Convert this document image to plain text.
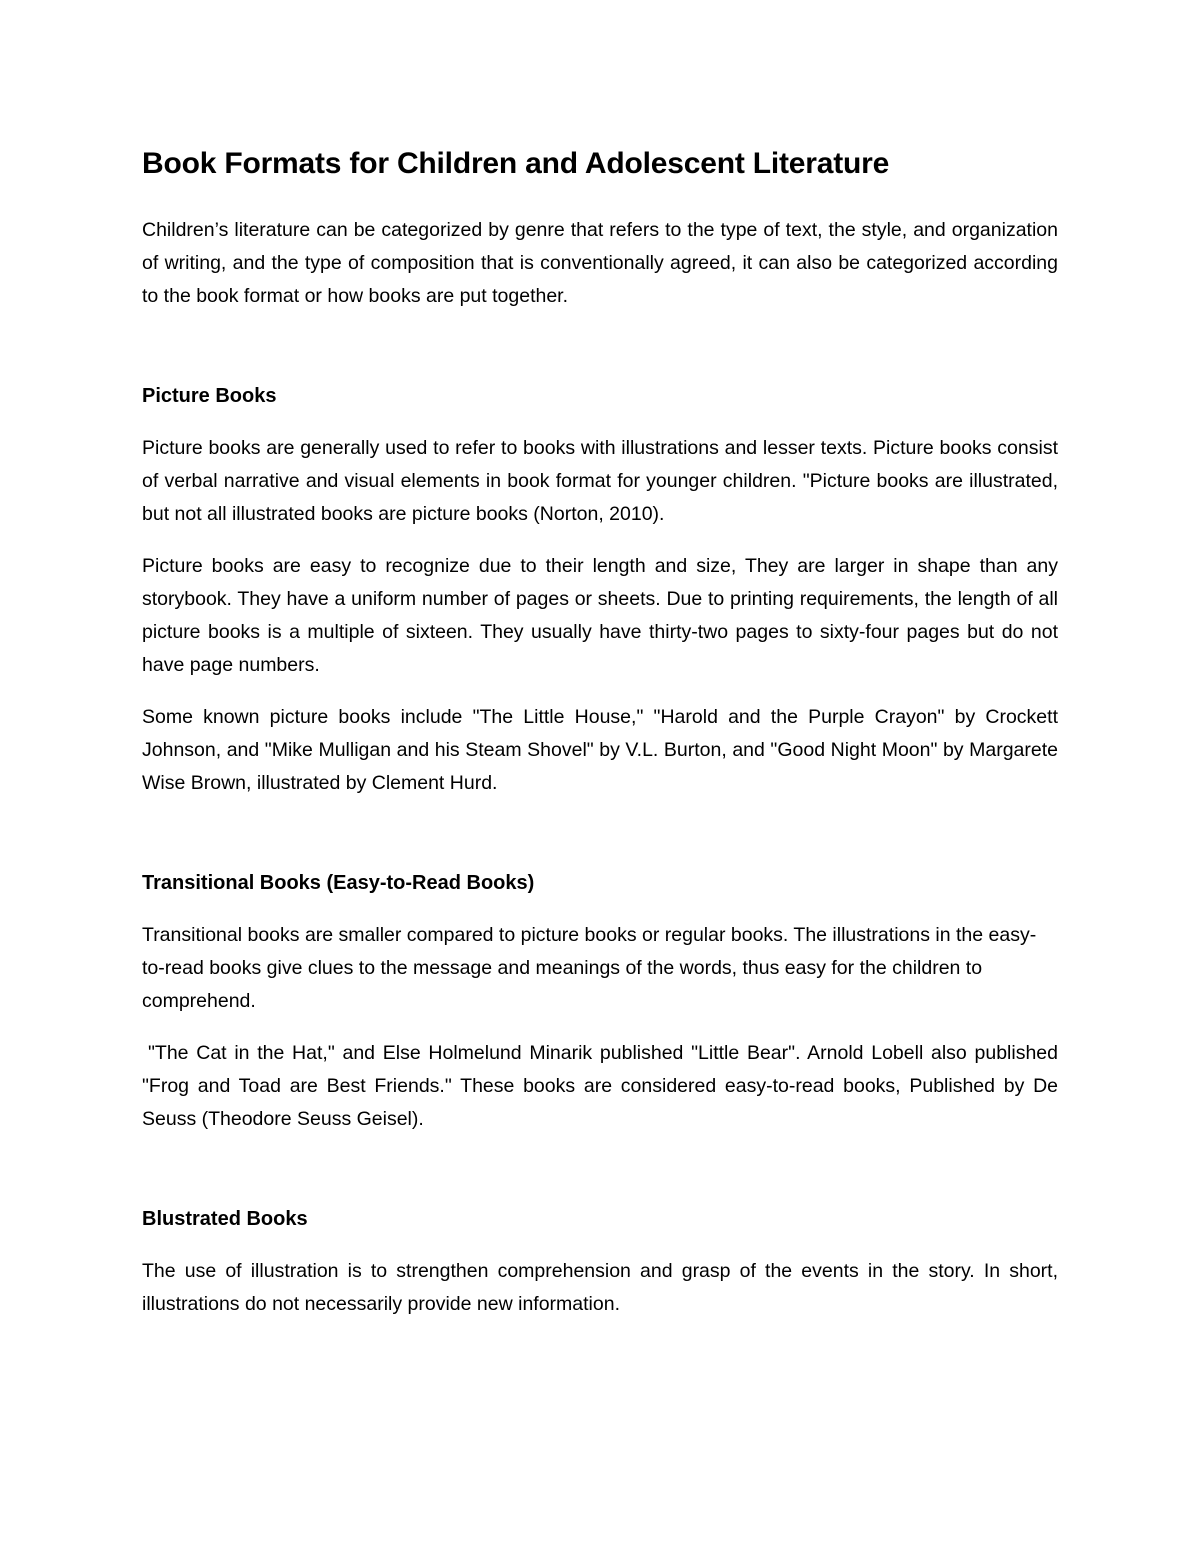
Book Formats for Children and Adolescent Literature

Children’s literature can be categorized by genre that refers to the type of text, the style, and organization of writing, and the type of composition that is conventionally agreed, it can also be categorized according to the book format or how books are put together.

Picture Books

Picture books are generally used to refer to books with illustrations and lesser texts. Picture books consist of verbal narrative and visual elements in book format for younger children. "Picture books are illustrated, but not all illustrated books are picture books (Norton, 2010).

Picture books are easy to recognize due to their length and size, They are larger in shape than any storybook. They have a uniform number of pages or sheets. Due to printing requirements, the length of all picture books is a multiple of sixteen. They usually have thirty-two pages to sixty-four pages but do not have page numbers.

Some known picture books include "The Little House," "Harold and the Purple Crayon" by Crockett Johnson, and "Mike Mulligan and his Steam Shovel" by V.L. Burton, and "Good Night Moon" by Margarete Wise Brown, illustrated by Clement Hurd.

Transitional Books (Easy-to-Read Books)

Transitional books are smaller compared to picture books or regular books. The illustrations in the easy-to-read books give clues to the message and meanings of the words, thus easy for the children to comprehend.

"The Cat in the Hat," and Else Holmelund Minarik published "Little Bear". Arnold Lobell also published "Frog and Toad are Best Friends." These books are considered easy-to-read books, Published by De Seuss (Theodore Seuss Geisel).

Blustrated Books

The use of illustration is to strengthen comprehension and grasp of the events in the story. In short, illustrations do not necessarily provide new information.
